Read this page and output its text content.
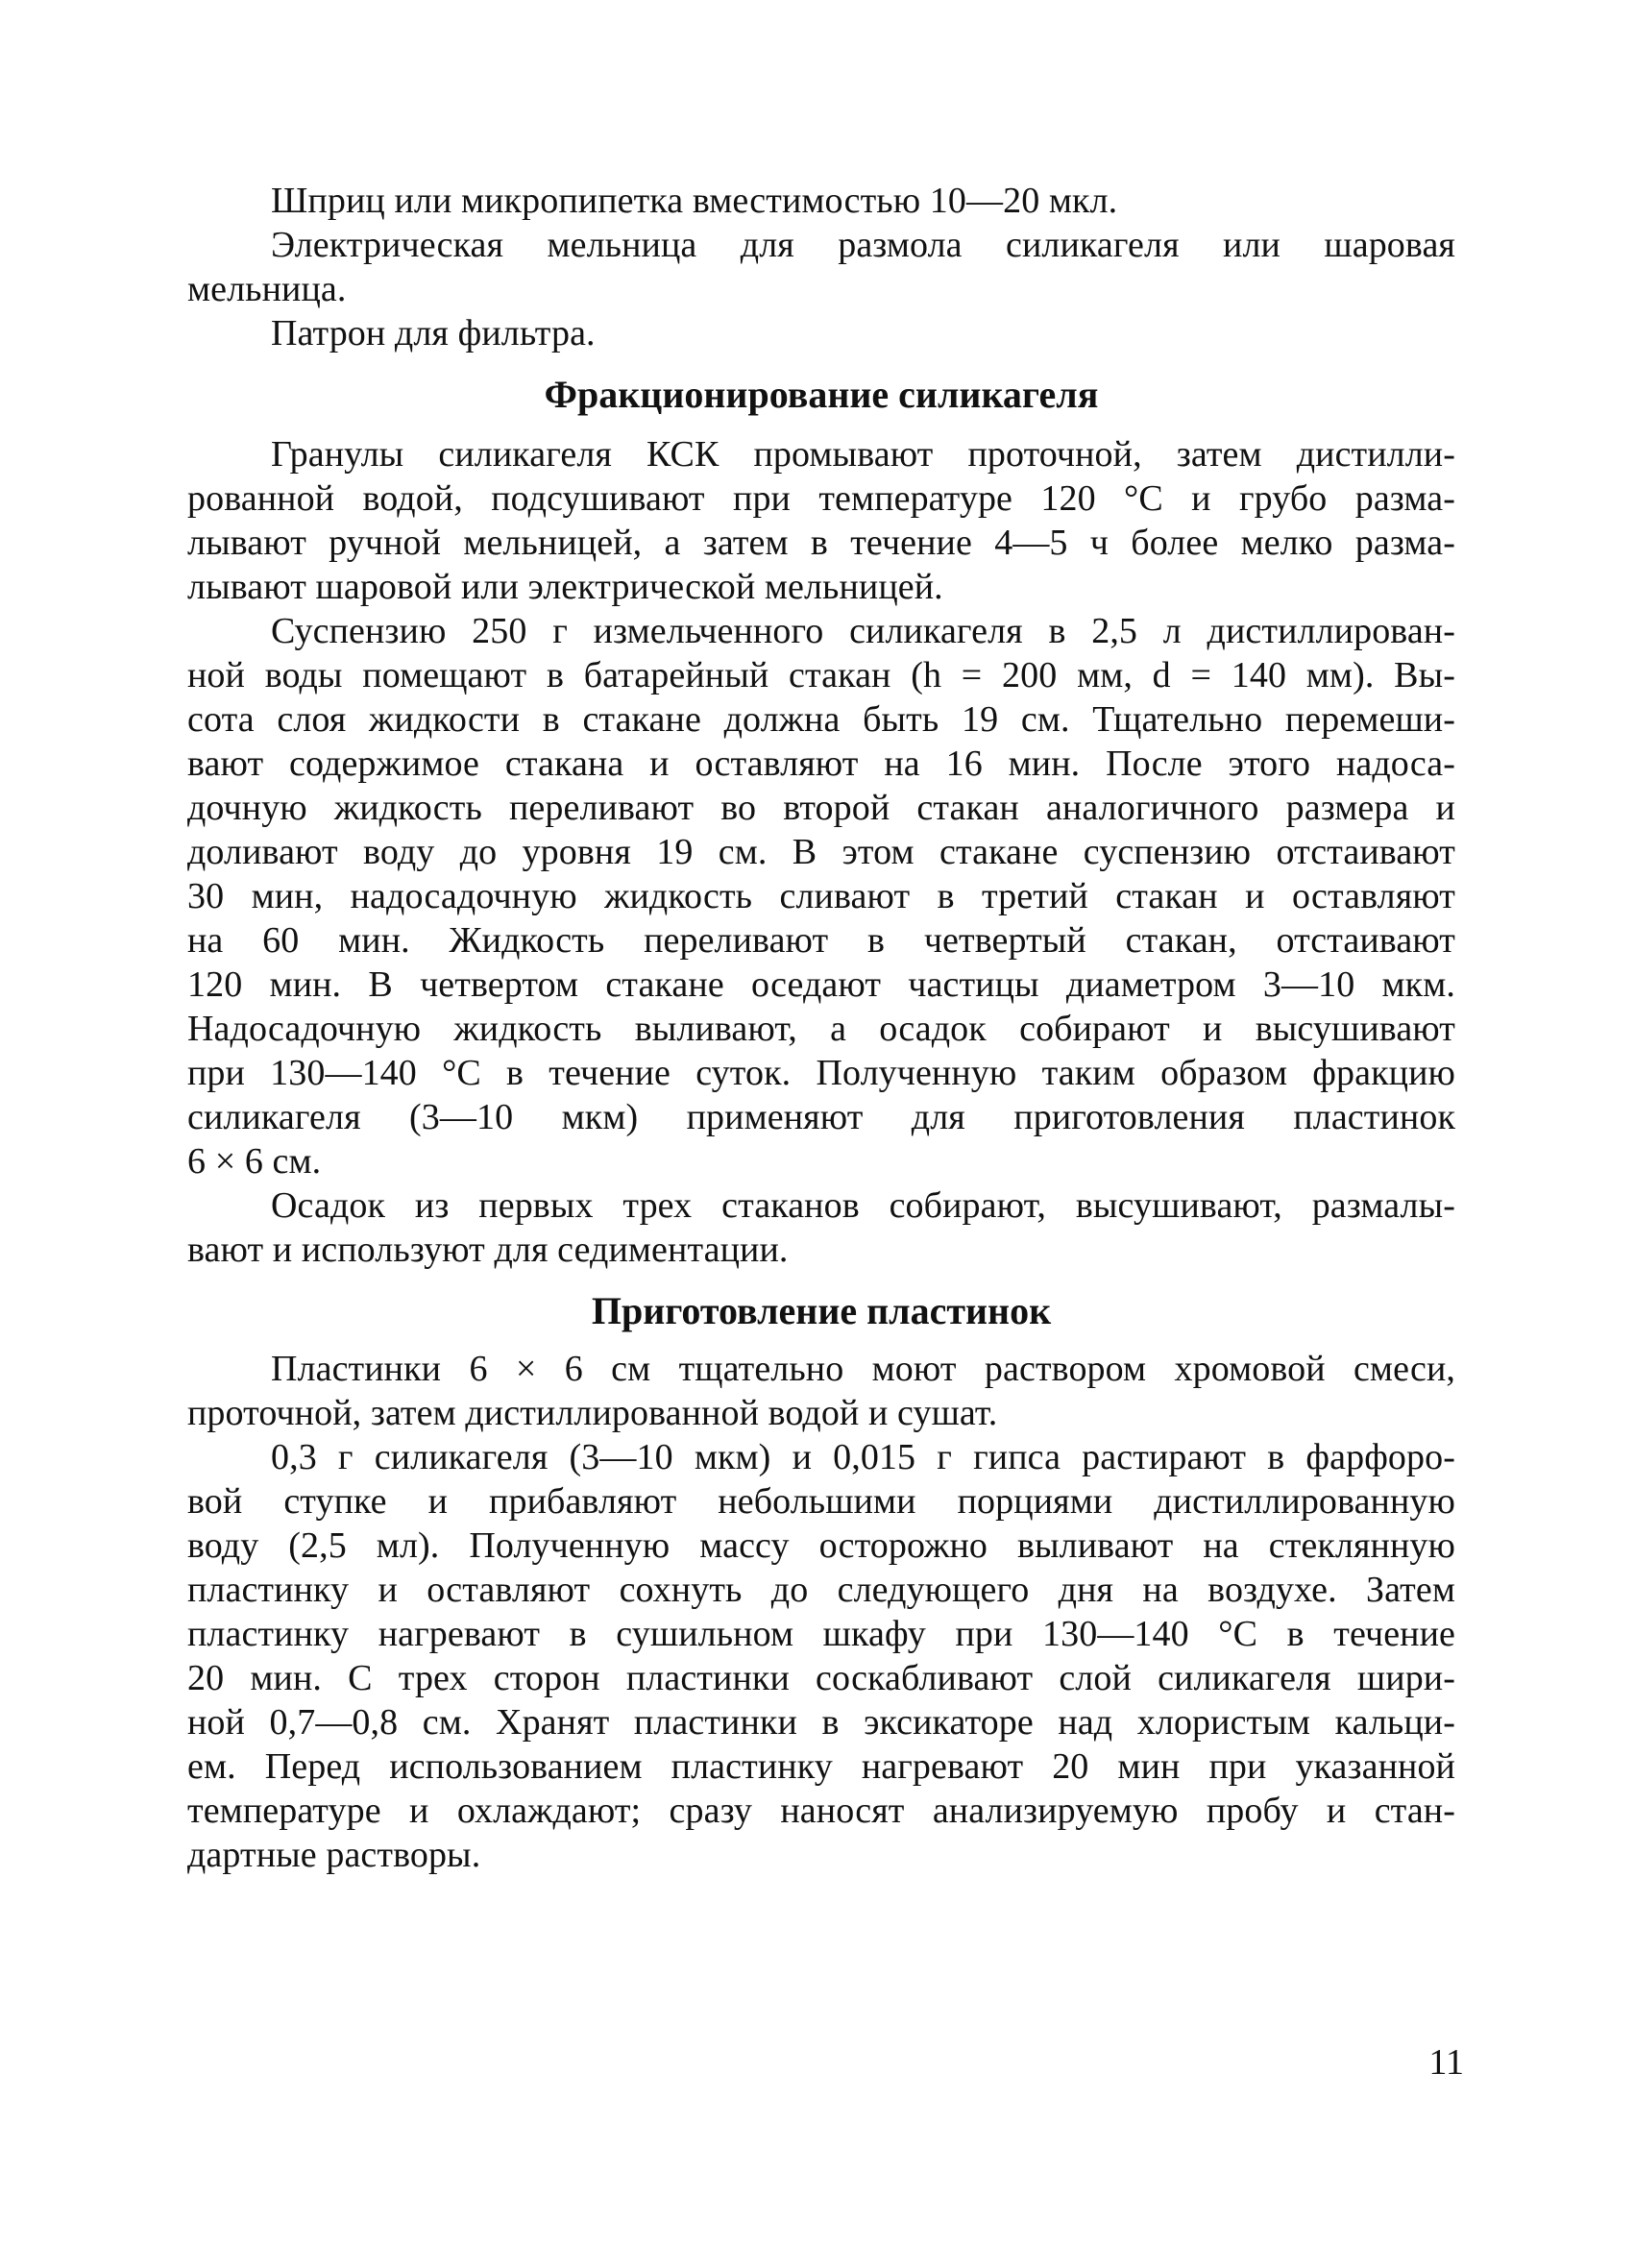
Шприц или микропипетка вместимостью 10—20 мкл.
Электрическая мельница для размола силикагеля или шаровая
мельница.
Патрон для фильтра.
Фракционирование силикагеля
Гранулы силикагеля КСК промывают проточной, затем дистилли-
рованной водой, подсушивают при температуре 120 °С и грубо разма-
лывают ручной мельницей, а затем в течение 4—5 ч более мелко разма-
лывают шаровой или электрической мельницей.
Суспензию 250 г измельченного силикагеля в 2,5 л дистиллирован-
ной воды помещают в батарейный стакан (h = 200 мм, d = 140 мм). Вы-
сота слоя жидкости в стакане должна быть 19 см. Тщательно перемеши-
вают содержимое стакана и оставляют на 16 мин. После этого надоса-
дочную жидкость переливают во второй стакан аналогичного размера и
доливают воду до уровня 19 см. В этом стакане суспензию отстаивают
30 мин, надосадочную жидкость сливают в третий стакан и оставляют
на 60 мин. Жидкость переливают в четвертый стакан, отстаивают
120 мин. В четвертом стакане оседают частицы диаметром 3—10 мкм.
Надосадочную жидкость выливают, а осадок собирают и высушивают
при 130—140 °С в течение суток. Полученную таким образом фракцию
силикагеля (3—10 мкм) применяют для приготовления пластинок
6 × 6 см.
Осадок из первых трех стаканов собирают, высушивают, размалы-
вают и используют для седиментации.
Приготовление пластинок
Пластинки 6 × 6 см тщательно моют раствором хромовой смеси,
проточной, затем дистиллированной водой и сушат.
0,3 г силикагеля (3—10 мкм) и 0,015 г гипса растирают в фарфоро-
вой ступке и прибавляют небольшими порциями дистиллированную
воду (2,5 мл). Полученную массу осторожно выливают на стеклянную
пластинку и оставляют сохнуть до следующего дня на воздухе. Затем
пластинку нагревают в сушильном шкафу при 130—140 °С в течение
20 мин. С трех сторон пластинки соскабливают слой силикагеля шири-
ной 0,7—0,8 см. Хранят пластинки в эксикаторе над хлористым кальци-
ем. Перед использованием пластинку нагревают 20 мин при указанной
температуре и охлаждают; сразу наносят анализируемую пробу и стан-
дартные растворы.
11
